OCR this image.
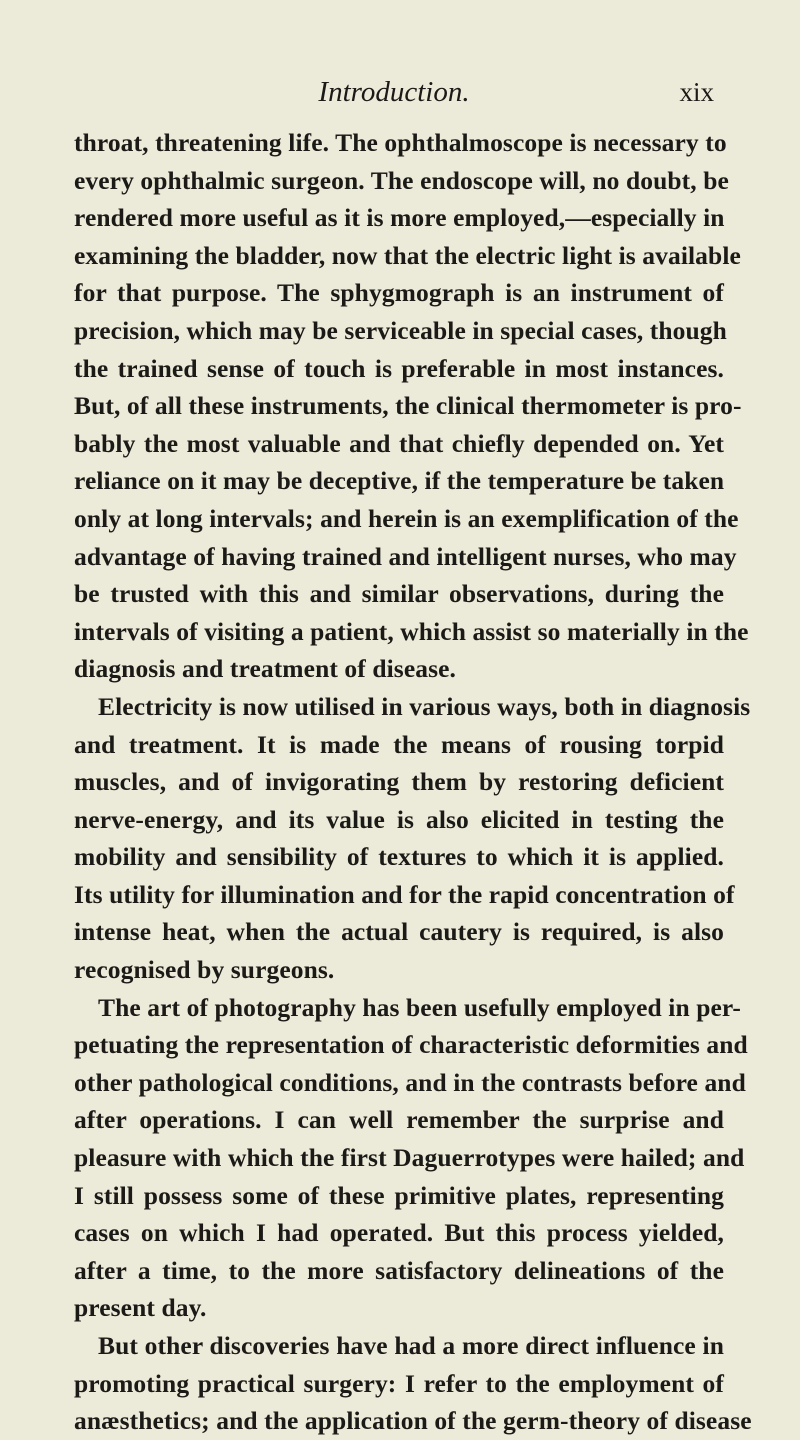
Introduction.	xix
throat, threatening life. The ophthalmoscope is necessary to
every ophthalmic surgeon. The endoscope will, no doubt, be
rendered more useful as it is more employed,—especially in
examining the bladder, now that the electric light is available
for that purpose. The sphygmograph is an instrument of
precision, which may be serviceable in special cases, though
the trained sense of touch is preferable in most instances.
But, of all these instruments, the clinical thermometer is pro-
bably the most valuable and that chiefly depended on. Yet
reliance on it may be deceptive, if the temperature be taken
only at long intervals; and herein is an exemplification of the
advantage of having trained and intelligent nurses, who may
be trusted with this and similar observations, during the
intervals of visiting a patient, which assist so materially in the
diagnosis and treatment of disease.
Electricity is now utilised in various ways, both in diagnosis
and treatment. It is made the means of rousing torpid
muscles, and of invigorating them by restoring deficient
nerve-energy, and its value is also elicited in testing the
mobility and sensibility of textures to which it is applied.
Its utility for illumination and for the rapid concentration of
intense heat, when the actual cautery is required, is also
recognised by surgeons.
The art of photography has been usefully employed in per-
petuating the representation of characteristic deformities and
other pathological conditions, and in the contrasts before and
after operations. I can well remember the surprise and
pleasure with which the first Daguerrotypes were hailed; and
I still possess some of these primitive plates, representing
cases on which I had operated. But this process yielded,
after a time, to the more satisfactory delineations of the
present day.
But other discoveries have had a more direct influence in
promoting practical surgery: I refer to the employment of
anæsthetics; and the application of the germ-theory of disease
